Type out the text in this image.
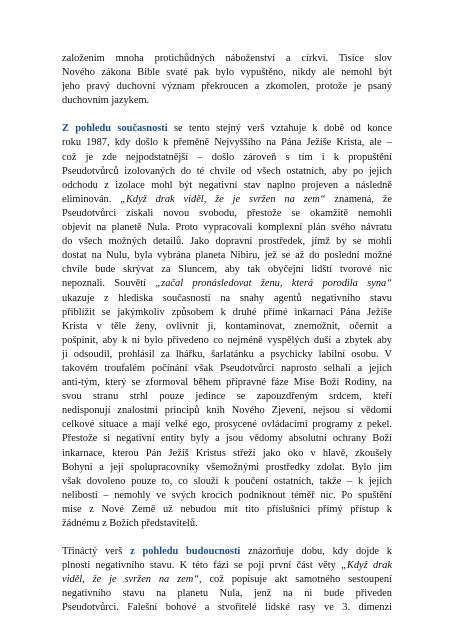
založením mnoha protichůdných náboženství a církví. Tisíce slov
Nového zákona Bible svaté pak bylo vypuštěno, nikdy ale nemohl být
jeho pravý duchovní význam překroucen a zkomolen, protože je psaný
duchovním jazykem.
Z pohledu současnosti se tento stejný verš vztahuje k době od konce
roku 1987, kdy došlo k přeměně Nejvyššího na Pána Ježíše Krista, ale –
což je zde nejpodstatnější – došlo zároveň s tím i k propuštění
Pseudotvůrců izolovaných do té chvíle od všech ostatních, aby po jejich
odchodu z izolace mohl být negativní stav naplno projeven a následně
eliminován. „Když drak viděl, že je svržen na zem“ znamená, že
Pseudotvůrci získali novou svobodu, přestože se okamžitě nemohli
objevit na planetě Nula. Proto vypracovali komplexní plán svého návratu
do všech možných detailů. Jako dopravní prostředek, jímž by se mohli
dostat na Nulu, byla vybrána planeta Nibiru, jež se až do poslední možné
chvíle bude skrývat za Sluncem, aby tak obyčejní lidští tvorové nic
nepoznali. Souvětí „začal pronásledovat ženu, která porodila syna“
ukazuje z hlediska současnosti na snahy agentů negativního stavu
přiblížit se jakýmkoliv způsobem k druhé přímé inkarnaci Pána Ježíše
Krista v těle ženy, ovlivnit ji, kontaminovat, znemožnit, očernit a
pošpinit, aby k ní bylo přivedeno co nejméně vyspělých duší a zbytek aby
ji odsoudil, prohlásil za lhářku, šarlatánku a psychicky labilní osobu. V
takovém troufalém počínání však Pseudotvůrci naprosto selhali a jejich
anti-tým, který se zformoval během přípravné fáze Mise Boží Rodiny, na
svou stranu strhl pouze jedince se zapouzdřeným srdcem, kteří
nedisponují znalostmi principů knih Nového Zjevení, nejsou si vědomi
celkové situace a mají velké ego, prosycené ovládacími programy z pekel.
Přestože si negativní entity byly a jsou vědomy absolutní ochrany Boží
inkarnace, kterou Pán Ježíš Kristus střeží jako oko v hlavě, zkoušely
Bohyni a její spolupracovníky všemožnými prostředky zdolat. Bylo jim
však dovoleno pouze to, co slouží k poučení ostatních, takže – k jejich
nelibosti – nemohly ve svých krocích podniknout téměř nic. Po spuštění
mise z Nové Země už nebudou mít tito příslušníci přímý přístup k
žádnému z Božích představitelů.
Třináctý verš z pohledu budoucnosti znázorňuje dobu, kdy dojde k
plnosti negativního stavu. K této fázi se pojí první část věty „Když drak
viděl, že je svržen na zem“, což popisuje akt samotného sestoupení
negativního stavu na planetu Nula, jenž na ni bude přiveden
Pseudotvůrci. Falešní bohové a stvořitelé lidské rasy ve 3. dimenzi
